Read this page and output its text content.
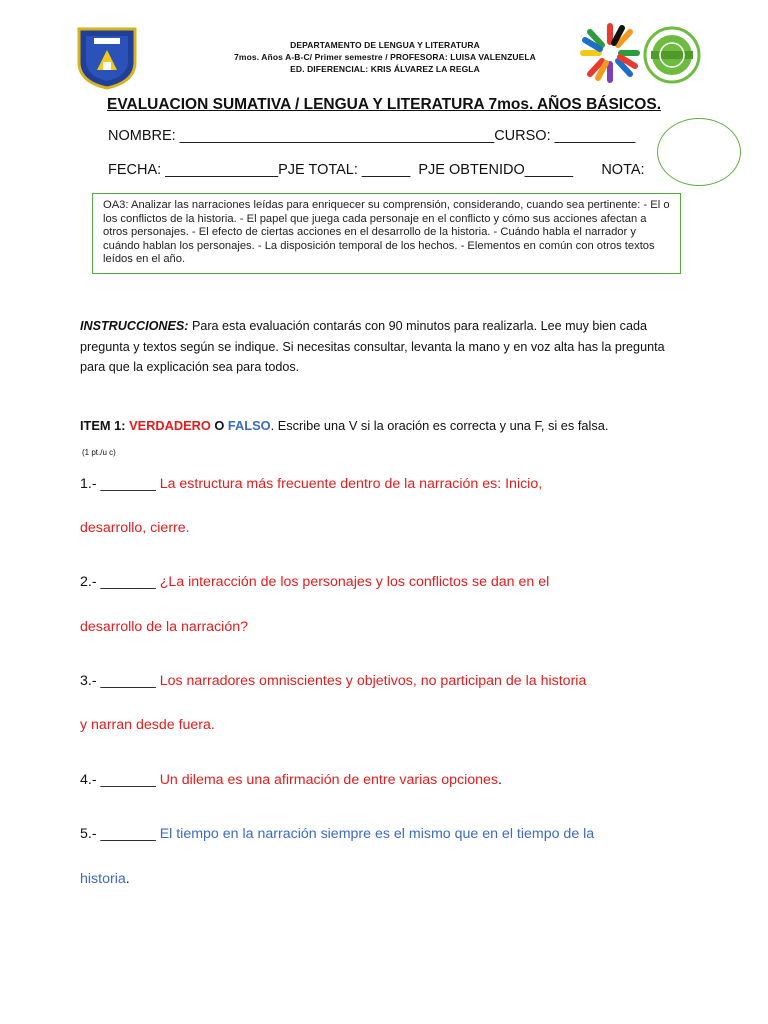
DEPARTAMENTO DE LENGUA Y LITERATURA
7mos. Años A-B-C/ Primer semestre / PROFESORA: LUISA VALENZUELA
ED. DIFERENCIAL: KRIS ÁLVAREZ LA REGLA
EVALUACION SUMATIVA / LENGUA Y LITERATURA 7mos. AÑOS BÁSICOS.
NOMBRE: _______________________________________CURSO: __________
FECHA: ______________PJE TOTAL: ______ PJE OBTENIDO______ NOTA:
OA3: Analizar las narraciones leídas para enriquecer su comprensión, considerando, cuando sea pertinente: - El o los conflictos de la historia. - El papel que juega cada personaje en el conflicto y cómo sus acciones afectan a otros personajes. - El efecto de ciertas acciones en el desarrollo de la historia. - Cuándo habla el narrador y cuándo hablan los personajes. - La disposición temporal de los hechos. - Elementos en común con otros textos leídos en el año.
INSTRUCCIONES: Para esta evaluación contarás con 90 minutos para realizarla. Lee muy bien cada pregunta y textos según se indique. Si necesitas consultar, levanta la mano y en voz alta has la pregunta para que la explicación sea para todos.
ITEM 1: VERDADERO O FALSO. Escribe una V si la oración es correcta y una F, si es falsa.
(1 pt./u c)
1.- _______ La estructura más frecuente dentro de la narración es: Inicio,
desarrollo, cierre.
2.- _______ ¿La interacción de los personajes y los conflictos se dan en el
desarrollo de la narración?
3.- _______ Los narradores omniscientes y objetivos, no participan de la historia
y narran desde fuera.
4.- _______ Un dilema es una afirmación de entre varias opciones.
5.- _______ El tiempo en la narración siempre es el mismo que en el tiempo de la
historia.
